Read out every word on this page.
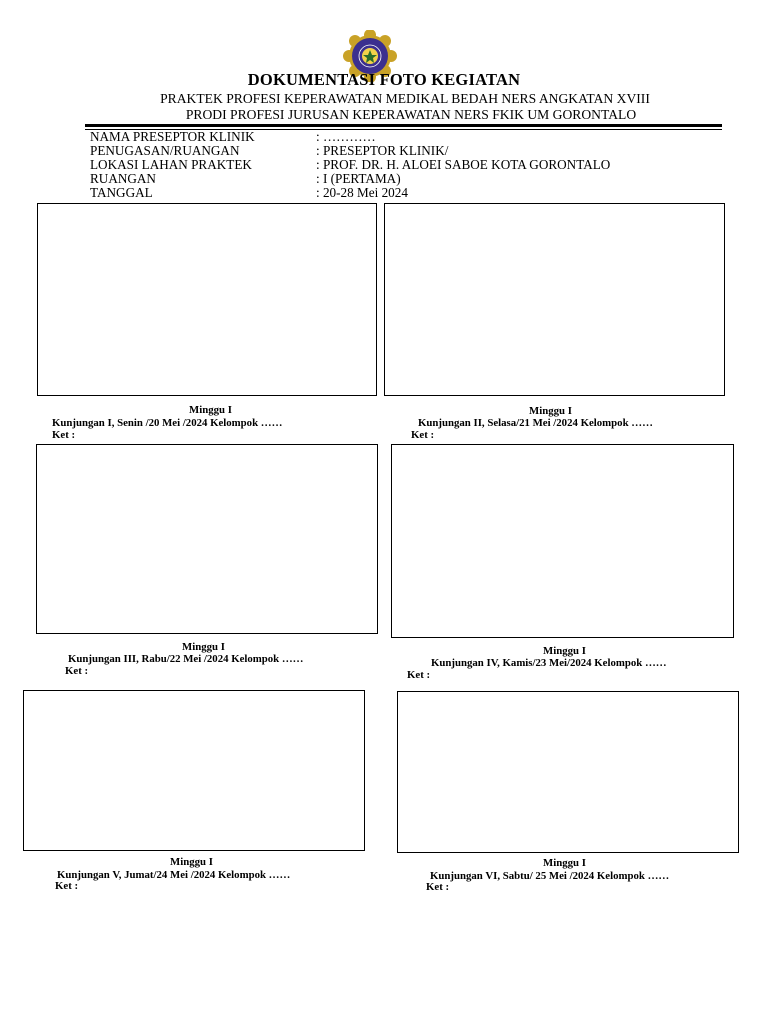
DOKUMENTASI FOTO KEGIATAN
PRAKTEK PROFESI KEPERAWATAN MEDIKAL BEDAH NERS ANGKATAN XVIII
PRODI PROFESI JURUSAN KEPERAWATAN NERS FKIK UM GORONTALO
NAMA PRESEPTOR KLINIK	: …………
PENUGASAN/RUANGAN	: PRESEPTOR KLINIK/
LOKASI LAHAN PRAKTEK	: PROF. DR. H. ALOEI SABOE KOTA GORONTALO
RUANGAN	: I (PERTAMA)
TANGGAL	: 20-28 Mei 2024
Minggu I
Kunjungan I, Senin /20 Mei /2024 Kelompok ……
Ket :
Minggu I
Kunjungan II, Selasa/21 Mei /2024 Kelompok ……
Ket :
Minggu I
Kunjungan III, Rabu/22 Mei /2024 Kelompok ……
Ket :
Minggu I
Kunjungan IV, Kamis/23 Mei/2024 Kelompok ……
Ket :
Minggu I
Kunjungan V, Jumat/24 Mei /2024 Kelompok ……
Ket :
Minggu I
Kunjungan VI, Sabtu/ 25 Mei /2024 Kelompok ……
Ket :
